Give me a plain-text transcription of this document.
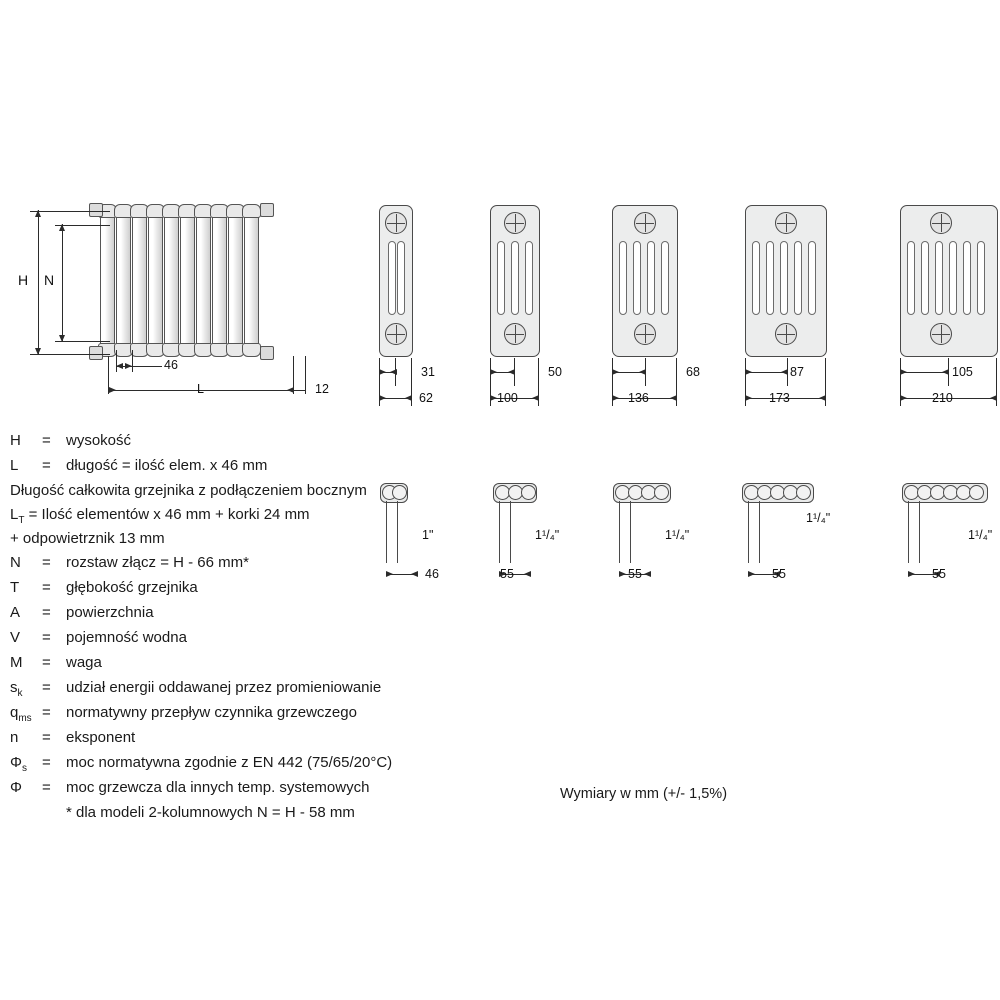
H N
46
L	12
31
62
50
100
68
136
87
173
105
210
1"
46
1¹/₄"
55
1¹/₄"
55
1¹/₄"
55
1¹/₄"
55
H	=	wysokość
L	=	długość = ilość elem. x 46 mm
Długość całkowita grzejnika z podłączeniem bocznym
$L_T$ = Ilość elementów x 46 mm + korki 24 mm
+ odpowietrznik 13 mm
N	=	rozstaw złącz = H - 66 mm*
T	=	głębokość grzejnika
A	=	powierzchnia
V	=	pojemność wodna
M	=	waga
$s_k$	=	udział energii oddawanej przez promieniowanie
$q_{ms}$ =	normatywny przepływ czynnika grzewczego
n	=	eksponent
$\Phi_s$	=	moc normatywna zgodnie z EN 442 (75/65/20°C)
Φ	=	moc grzewcza dla innych temp. systemowych
* dla modeli 2-kolumnowych N = H - 58 mm
Wymiary w mm (+/- 1,5%)
